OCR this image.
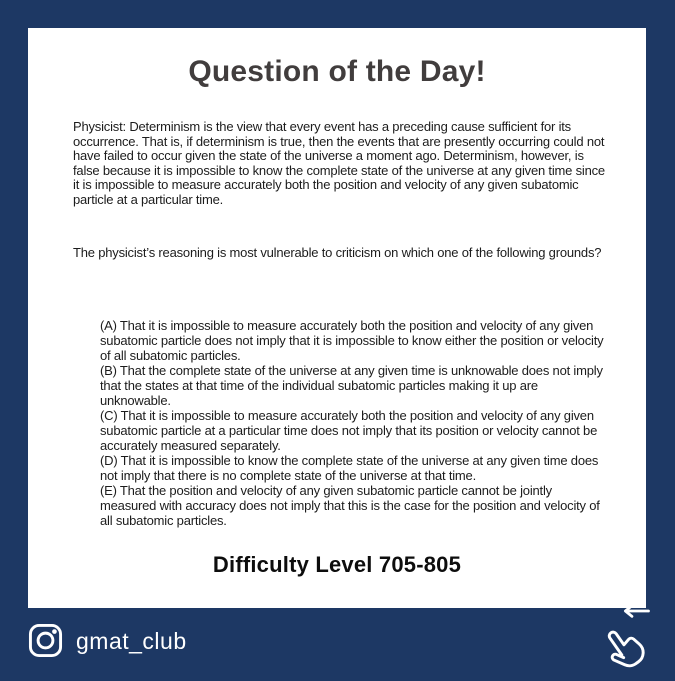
Question of the Day!
Physicist: Determinism is the view that every event has a preceding cause sufficient for its occurrence. That is, if determinism is true, then the events that are presently occurring could not have failed to occur given the state of the universe a moment ago. Determinism, however, is false because it is impossible to know the complete state of the universe at any given time since it is impossible to measure accurately both the position and velocity of any given subatomic particle at a particular time.
The physicist’s reasoning is most vulnerable to criticism on which one of the following grounds?
(A) That it is impossible to measure accurately both the position and velocity of any given subatomic particle does not imply that it is impossible to know either the position or velocity of all subatomic particles.
(B) That the complete state of the universe at any given time is unknowable does not imply that the states at that time of the individual subatomic particles making it up are unknowable.
(C) That it is impossible to measure accurately both the position and velocity of any given subatomic particle at a particular time does not imply that its position or velocity cannot be accurately measured separately.
(D) That it is impossible to know the complete state of the universe at any given time does not imply that there is no complete state of the universe at that time.
(E) That the position and velocity of any given subatomic particle cannot be jointly measured with accuracy does not imply that this is the case for the position and velocity of all subatomic particles.
Difficulty Level 705-805
gmat_club
